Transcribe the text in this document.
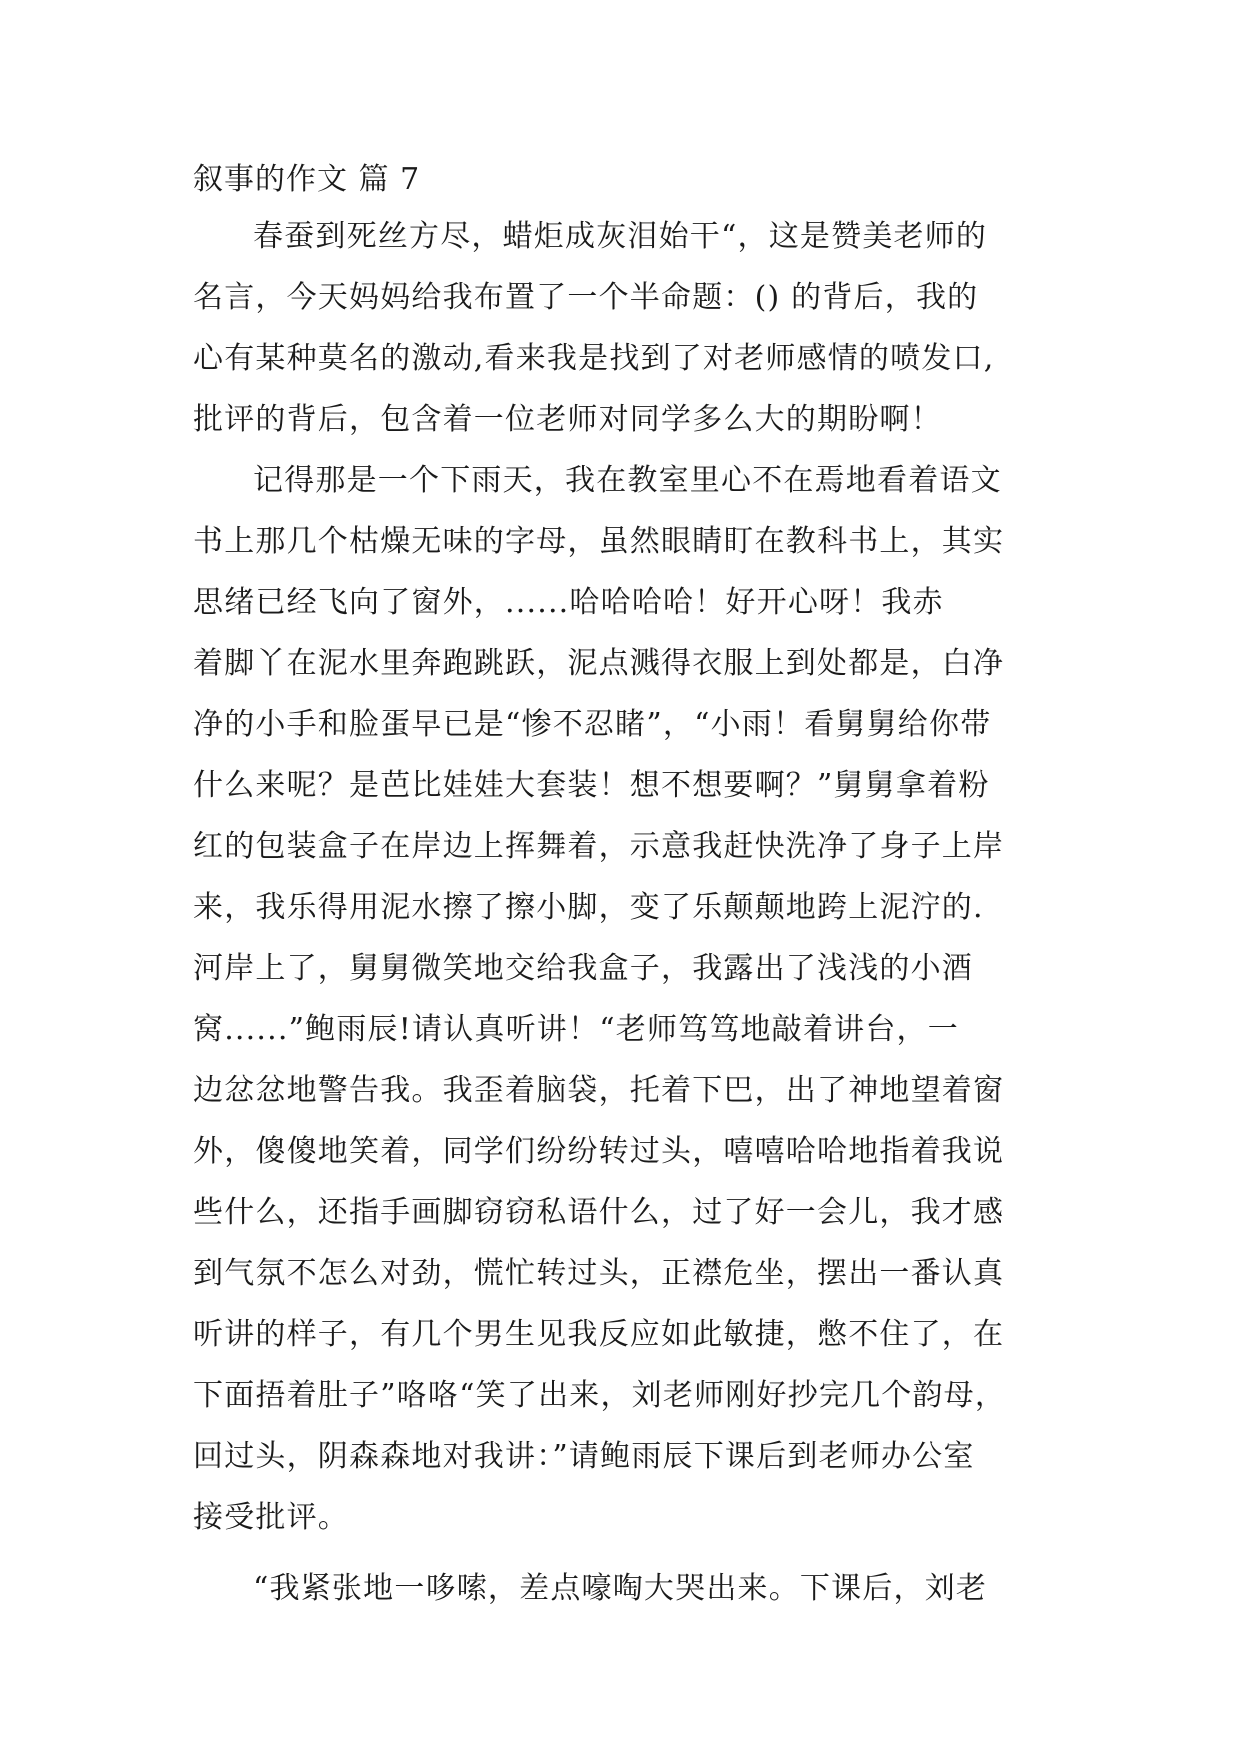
叙事的作文 篇 7
春蚕到死丝方尽，蜡炬成灰泪始干“，这是赞美老师的
名言，今天妈妈给我布置了一个半命题：() 的背后，我的
心有某种莫名的激动,看来我是找到了对老师感情的喷发口,
批评的背后，包含着一位老师对同学多么大的期盼啊！
记得那是一个下雨天，我在教室里心不在焉地看着语文
书上那几个枯燥无味的字母，虽然眼睛盯在教科书上，其实
思绪已经飞向了窗外，......哈哈哈哈！好开心呀！我赤
着脚丫在泥水里奔跑跳跃，泥点溅得衣服上到处都是，白净
净的小手和脸蛋早已是“惨不忍睹”，“小雨！看舅舅给你带
什么来呢？是芭比娃娃大套装！想不想要啊？”舅舅拿着粉
红的包装盒子在岸边上挥舞着，示意我赶快洗净了身子上岸
来，我乐得用泥水擦了擦小脚，变了乐颠颠地跨上泥泞的.
河岸上了，舅舅微笑地交给我盒子，我露出了浅浅的小酒
窝......”鲍雨辰!请认真听讲！“老师笃笃地敲着讲台，一
边忿忿地警告我。我歪着脑袋，托着下巴，出了神地望着窗
外，傻傻地笑着，同学们纷纷转过头，嘻嘻哈哈地指着我说
些什么，还指手画脚窃窃私语什么，过了好一会儿，我才感
到气氛不怎么对劲，慌忙转过头，正襟危坐，摆出一番认真
听讲的样子，有几个男生见我反应如此敏捷，憋不住了，在
下面捂着肚子”咯咯“笑了出来，刘老师刚好抄完几个韵母，
回过头，阴森森地对我讲：”请鲍雨辰下课后到老师办公室
接受批评。
“我紧张地一哆嗦，差点嚎啕大哭出来。下课后，刘老
